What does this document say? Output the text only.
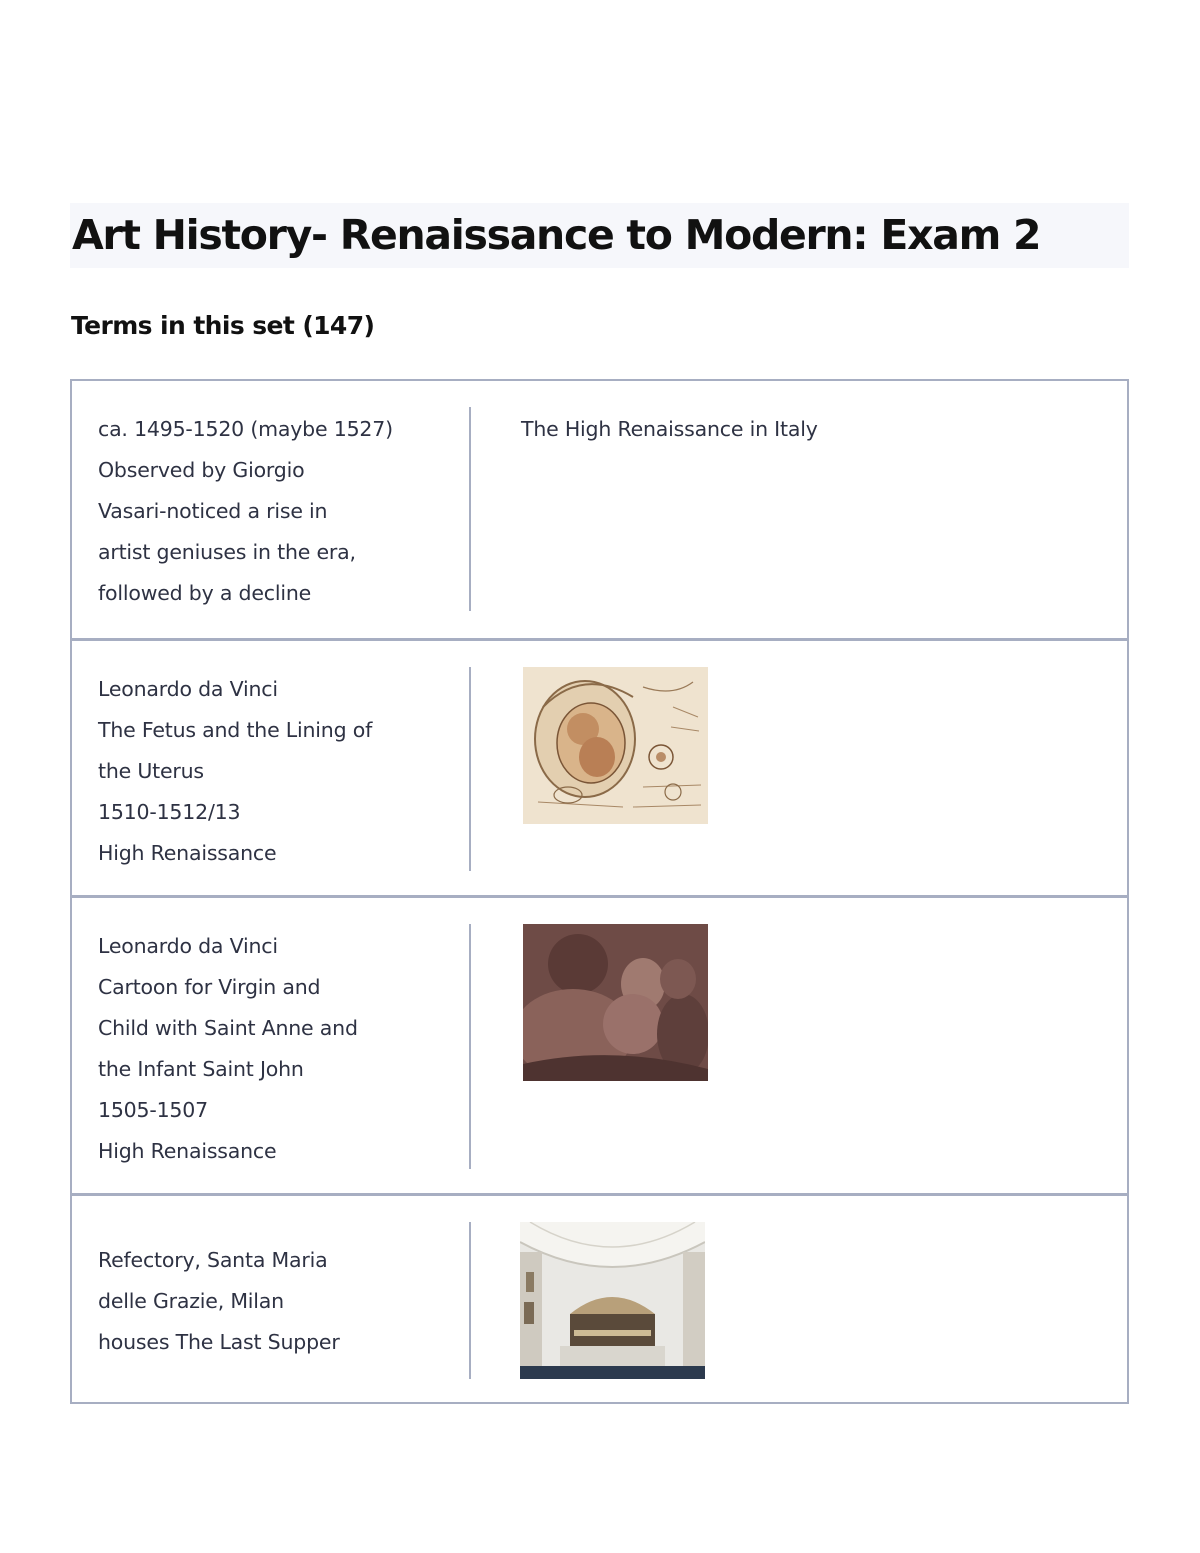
Art History- Renaissance to Modern: Exam 2
Terms in this set (147)
ca. 1495-1520 (maybe 1527)
Observed by Giorgio
Vasari-noticed a rise in
artist geniuses in the era,
followed by a decline
The High Renaissance in Italy
Leonardo da Vinci
The Fetus and the Lining of
the Uterus
1510-1512/13
High Renaissance
Leonardo da Vinci
Cartoon for Virgin and
Child with Saint Anne and
the Infant Saint John
1505-1507
High Renaissance
Refectory, Santa Maria
delle Grazie, Milan
houses The Last Supper
